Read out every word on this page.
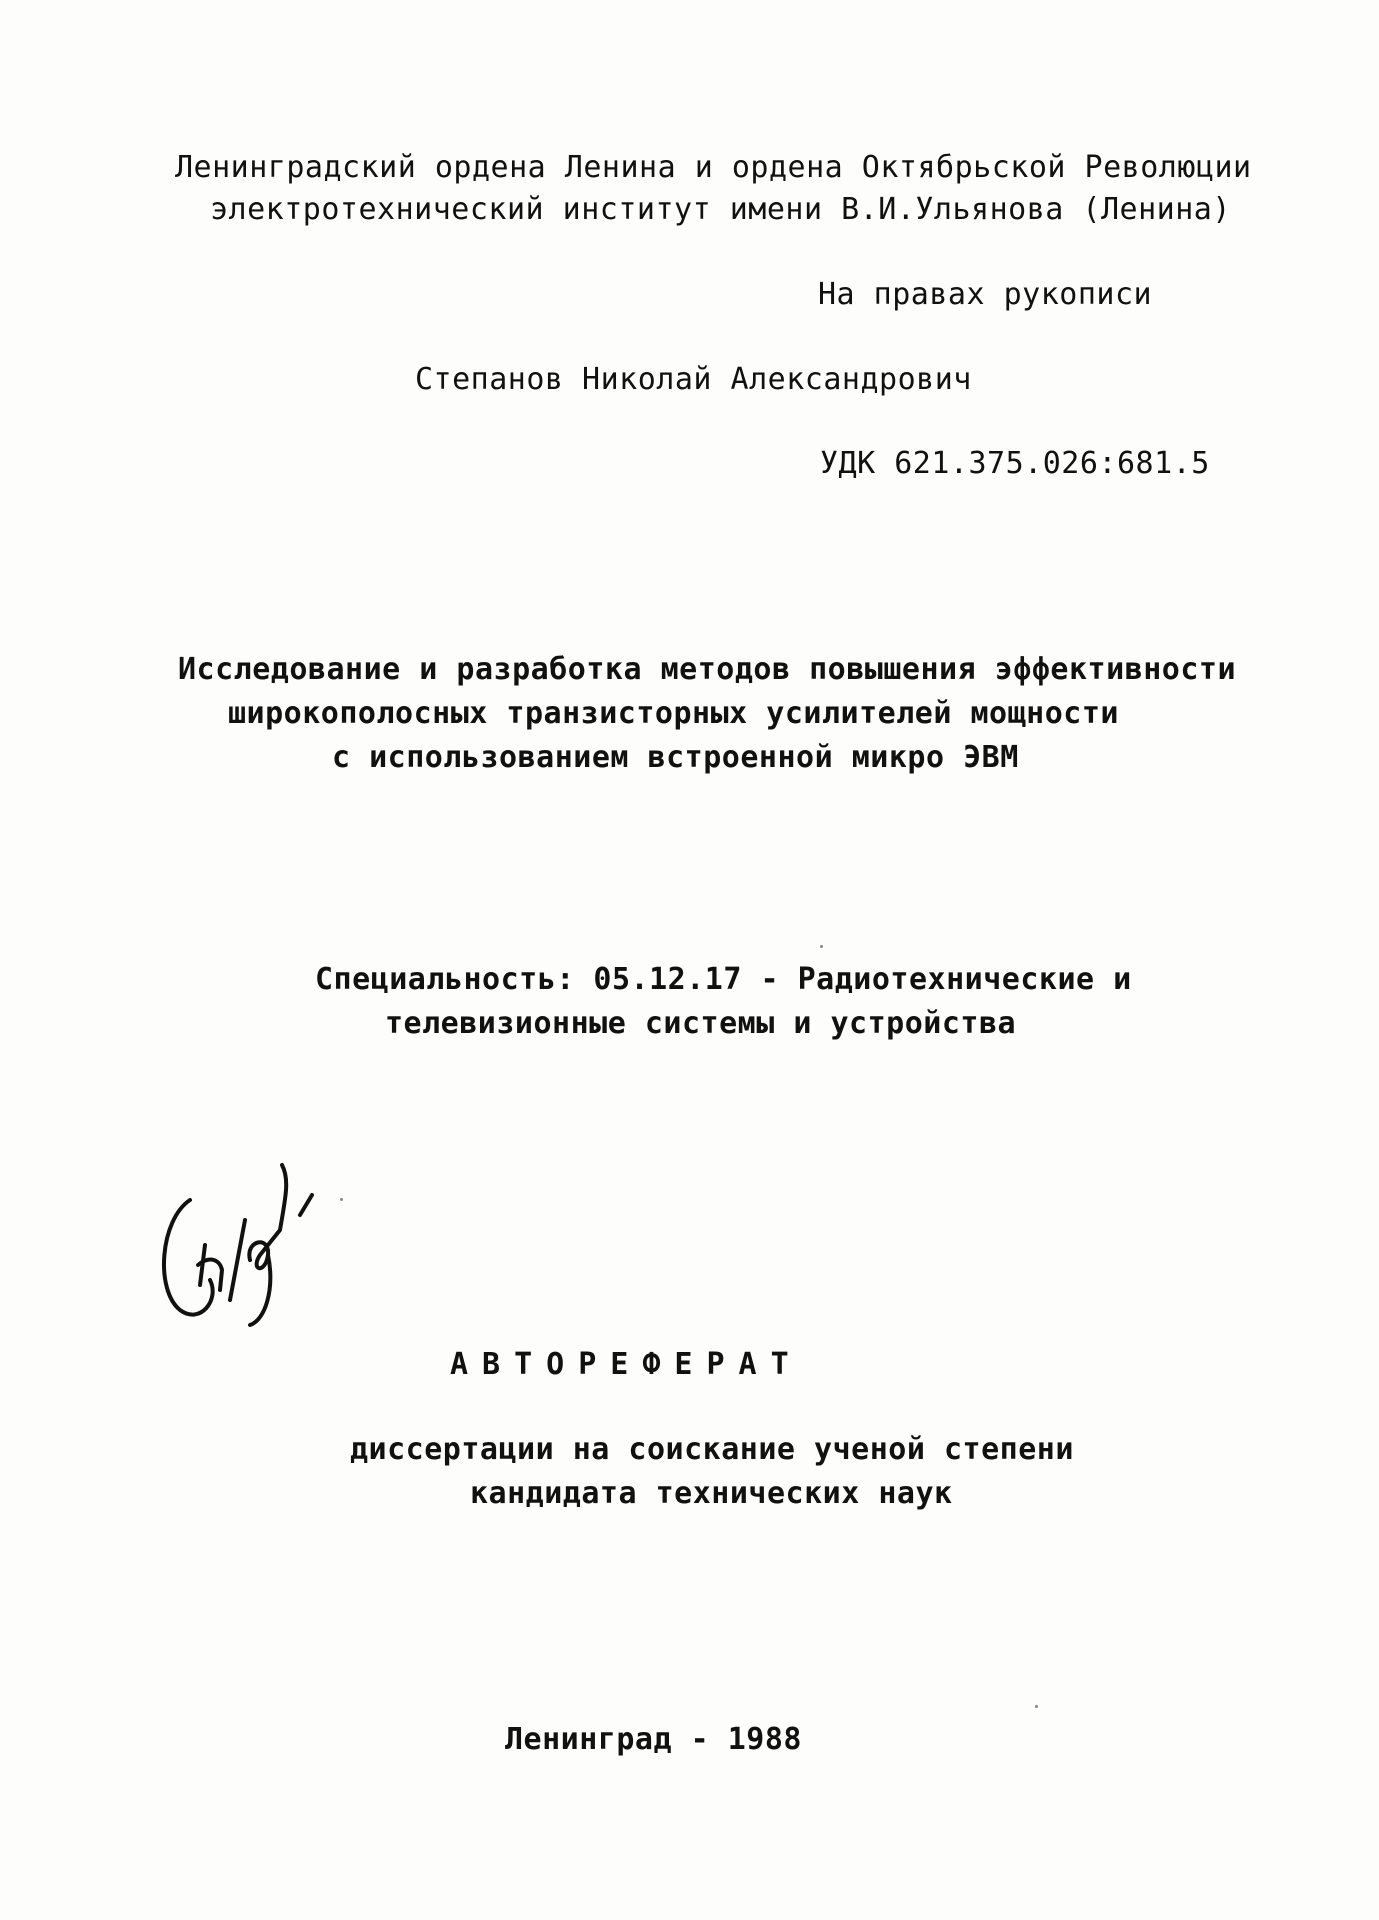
Ленинградский ордена Ленина и ордена Октябрьской Революции
электротехнический институт имени В.И.Ульянова (Ленина)
На правах рукописи
Степанов Николай Александрович
УДК 621.375.026:681.5
Исследование и разработка методов повышения эффективности
широкополосных транзисторных усилителей мощности
с использованием встроенной микро ЭВМ
Специальность: 05.12.17 - Радиотехнические и
телевизионные системы и устройства
АВТОРЕФЕРАТ
диссертации на соискание ученой степени
кандидата технических наук
Ленинград - 1988
